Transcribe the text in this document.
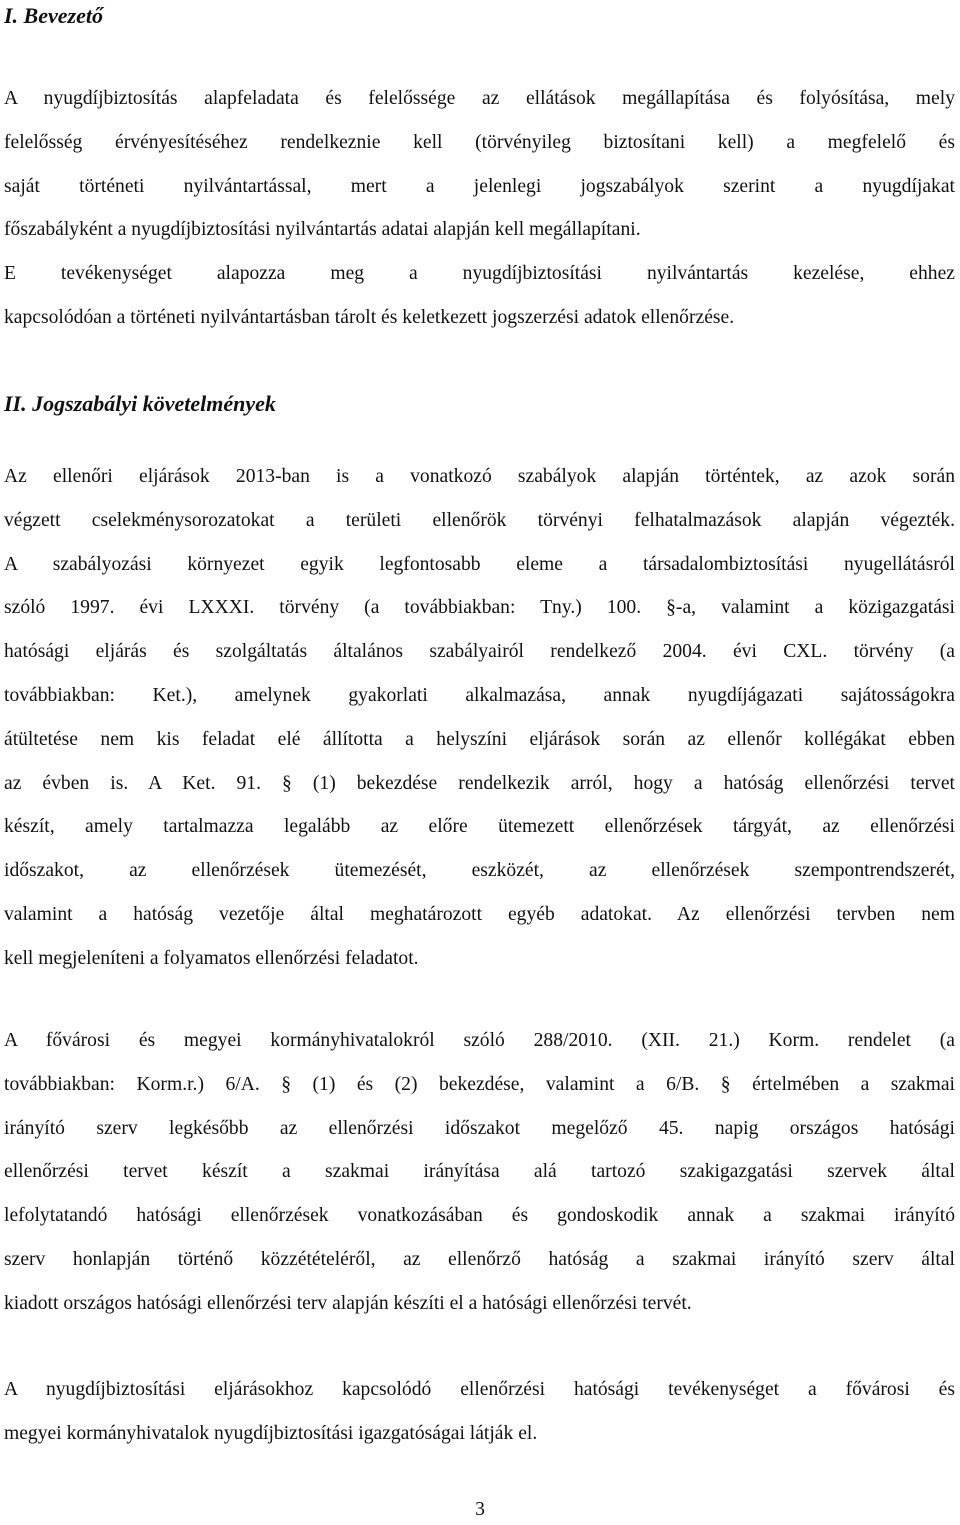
I. Bevezető
A nyugdíjbiztosítás alapfeladata és felelőssége az ellátások megállapítása és folyósítása, mely
felelősség érvényesítéséhez rendelkeznie kell (törvényileg biztosítani kell) a megfelelő és
saját történeti nyilvántartással, mert a jelenlegi jogszabályok szerint a nyugdíjakat
főszabályként a nyugdíjbiztosítási nyilvántartás adatai alapján kell megállapítani.
E tevékenységet alapozza meg a nyugdíjbiztosítási nyilvántartás kezelése, ehhez
kapcsolódóan a történeti nyilvántartásban tárolt és keletkezett jogszerzési adatok ellenőrzése.
II. Jogszabályi követelmények
Az ellenőri eljárások 2013-ban is a vonatkozó szabályok alapján történtek, az azok során
végzett cselekménysorozatokat a területi ellenőrök törvényi felhatalmazások alapján végezték.
A szabályozási környezet egyik legfontosabb eleme a társadalombiztosítási nyugellátásról
szóló 1997. évi LXXXI. törvény (a továbbiakban: Tny.) 100. §-a, valamint a közigazgatási
hatósági eljárás és szolgáltatás általános szabályairól rendelkező 2004. évi CXL. törvény (a
továbbiakban: Ket.), amelynek gyakorlati alkalmazása, annak nyugdíjágazati sajátosságokra
átültetése nem kis feladat elé állította a helyszíni eljárások során az ellenőr kollégákat ebben
az évben is. A Ket. 91. § (1) bekezdése rendelkezik arról, hogy a hatóság ellenőrzési tervet
készít, amely tartalmazza legalább az előre ütemezett ellenőrzések tárgyát, az ellenőrzési
időszakot, az ellenőrzések ütemezését, eszközét, az ellenőrzések szempontrendszerét,
valamint a hatóság vezetője által meghatározott egyéb adatokat. Az ellenőrzési tervben nem
kell megjeleníteni a folyamatos ellenőrzési feladatot.
A fővárosi és megyei kormányhivatalokról szóló 288/2010. (XII. 21.) Korm. rendelet (a
továbbiakban: Korm.r.) 6/A. § (1) és (2) bekezdése, valamint a 6/B. § értelmében a szakmai
irányító szerv legkésőbb az ellenőrzési időszakot megelőző 45. napig országos hatósági
ellenőrzési tervet készít a szakmai irányítása alá tartozó szakigazgatási szervek által
lefolytatandó hatósági ellenőrzések vonatkozásában és gondoskodik annak a szakmai irányító
szerv honlapján történő közzétételéről, az ellenőrző hatóság a szakmai irányító szerv által
kiadott országos hatósági ellenőrzési terv alapján készíti el a hatósági ellenőrzési tervét.
A nyugdíjbiztosítási eljárásokhoz kapcsolódó ellenőrzési hatósági tevékenységet a fővárosi és
megyei kormányhivatalok nyugdíjbiztosítási igazgatóságai látják el.
3
